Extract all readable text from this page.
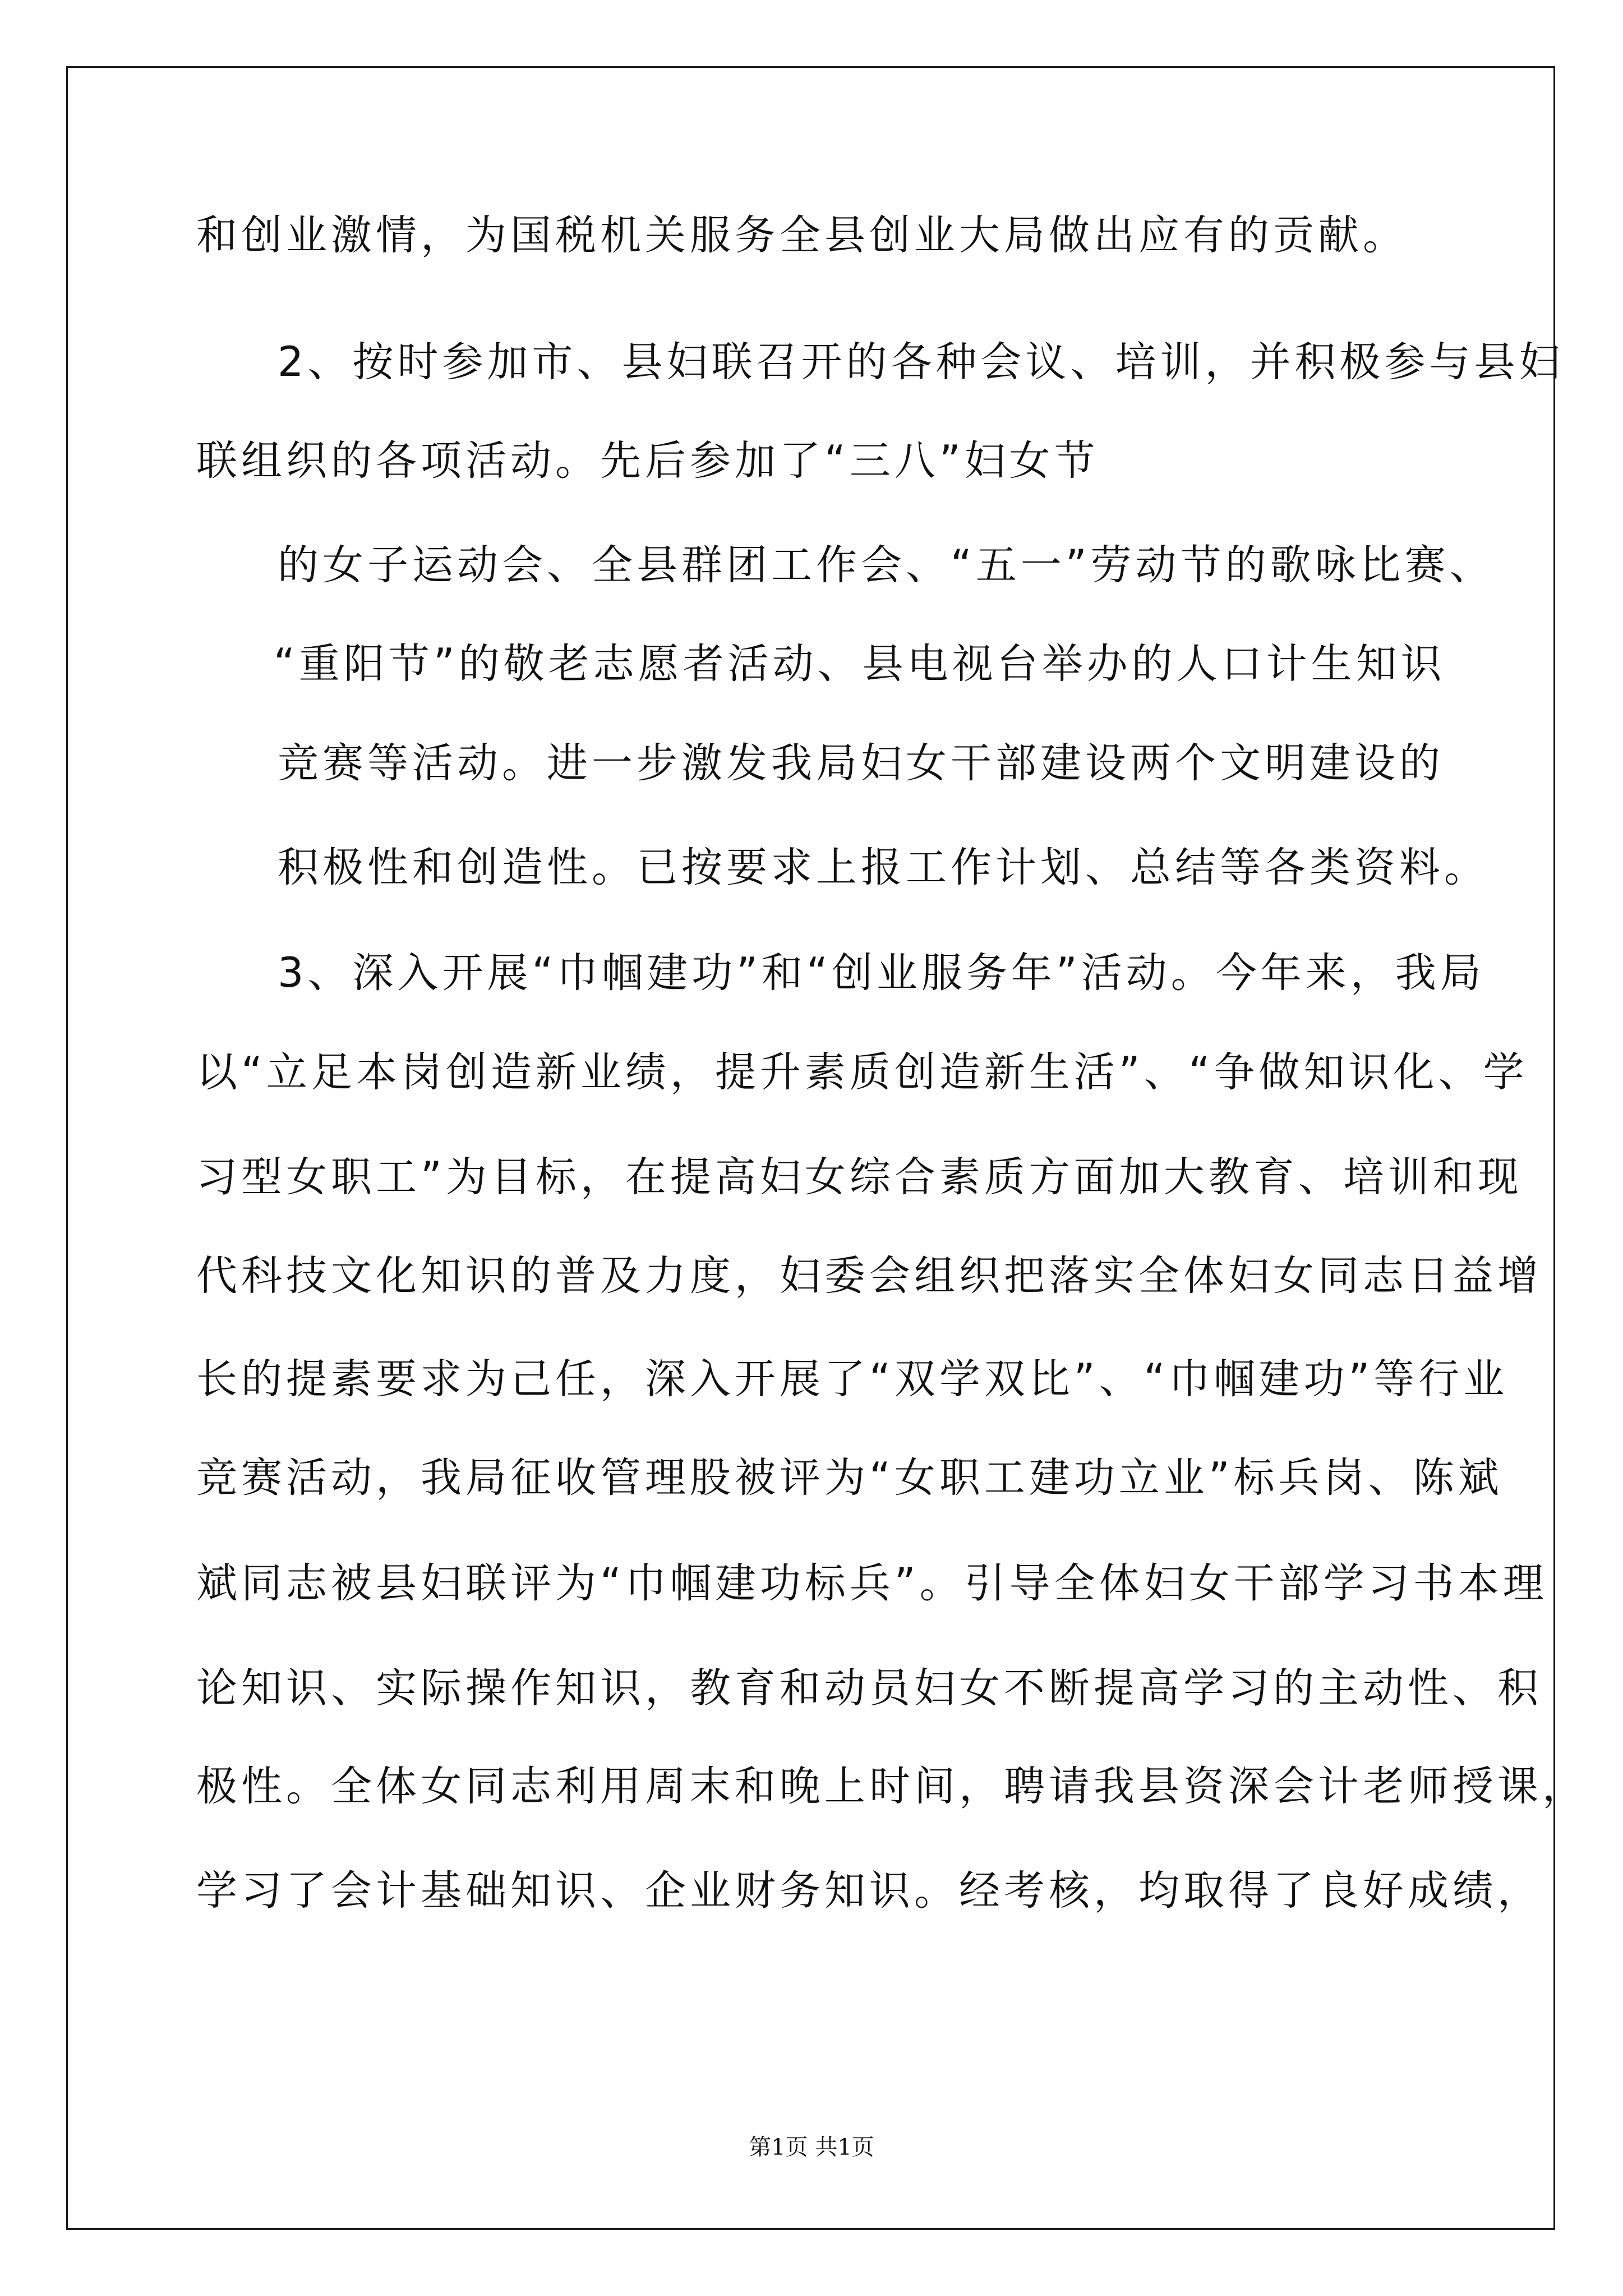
和创业激情，为国税机关服务全县创业大局做出应有的贡献。
2、按时参加市、县妇联召开的各种会议、培训，并积极参与县妇
联组织的各项活动。先后参加了“三八”妇女节
的女子运动会、全县群团工作会、“五一”劳动节的歌咏比赛、
“重阳节”的敬老志愿者活动、县电视台举办的人口计生知识
竞赛等活动。进一步激发我局妇女干部建设两个文明建设的
积极性和创造性。已按要求上报工作计划、总结等各类资料。
3、深入开展“巾帼建功”和“创业服务年”活动。今年来，我局
以“立足本岗创造新业绩，提升素质创造新生活”、“争做知识化、学
习型女职工”为目标，在提高妇女综合素质方面加大教育、培训和现
代科技文化知识的普及力度，妇委会组织把落实全体妇女同志日益增
长的提素要求为己任，深入开展了“双学双比”、“巾帼建功”等行业
竞赛活动，我局征收管理股被评为“女职工建功立业”标兵岗、陈斌
斌同志被县妇联评为“巾帼建功标兵”。引导全体妇女干部学习书本理
论知识、实际操作知识，教育和动员妇女不断提高学习的主动性、积
极性。全体女同志利用周末和晚上时间，聘请我县资深会计老师授课，
学习了会计基础知识、企业财务知识。经考核，均取得了良好成绩，
第1页 共1页
